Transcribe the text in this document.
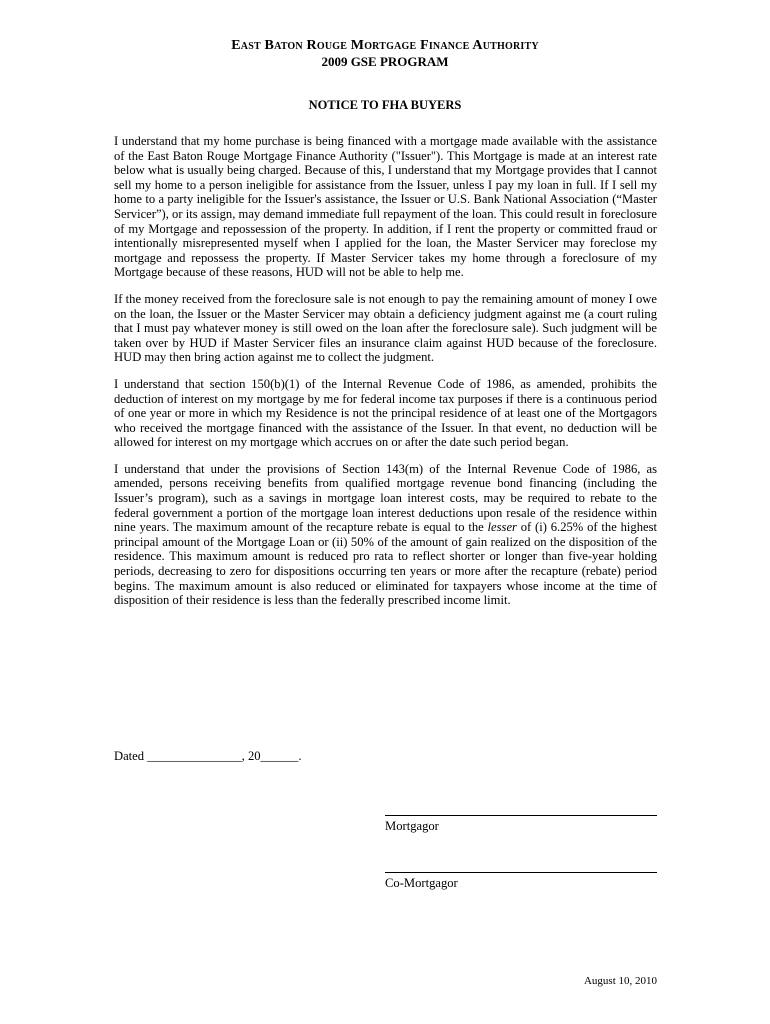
East Baton Rouge Mortgage Finance Authority

2009 GSE PROGRAM

NOTICE TO FHA BUYERS

I understand that my home purchase is being financed with a mortgage made available with the assistance of the East Baton Rouge Mortgage Finance Authority ("Issuer"). This Mortgage is made at an interest rate below what is usually being charged. Because of this, I understand that my Mortgage provides that I cannot sell my home to a person ineligible for assistance from the Issuer, unless I pay my loan in full. If I sell my home to a party ineligible for the Issuer's assistance, the Issuer or U.S. Bank National Association (“Master Servicer”), or its assign, may demand immediate full repayment of the loan. This could result in foreclosure of my Mortgage and repossession of the property. In addition, if I rent the property or committed fraud or intentionally misrepresented myself when I applied for the loan, the Master Servicer may foreclose my mortgage and repossess the property. If Master Servicer takes my home through a foreclosure of my Mortgage because of these reasons, HUD will not be able to help me.

If the money received from the foreclosure sale is not enough to pay the remaining amount of money I owe on the loan, the Issuer or the Master Servicer may obtain a deficiency judgment against me (a court ruling that I must pay whatever money is still owed on the loan after the foreclosure sale). Such judgment will be taken over by HUD if Master Servicer files an insurance claim against HUD because of the foreclosure. HUD may then bring action against me to collect the judgment.

I understand that section 150(b)(1) of the Internal Revenue Code of 1986, as amended, prohibits the deduction of interest on my mortgage by me for federal income tax purposes if there is a continuous period of one year or more in which my Residence is not the principal residence of at least one of the Mortgagors who received the mortgage financed with the assistance of the Issuer. In that event, no deduction will be allowed for interest on my mortgage which accrues on or after the date such period began.

I understand that under the provisions of Section 143(m) of the Internal Revenue Code of 1986, as amended, persons receiving benefits from qualified mortgage revenue bond financing (including the Issuer’s program), such as a savings in mortgage loan interest costs, may be required to rebate to the federal government a portion of the mortgage loan interest deductions upon resale of the residence within nine years. The maximum amount of the recapture rebate is equal to the lesser of (i) 6.25% of the highest principal amount of the Mortgage Loan or (ii) 50% of the amount of gain realized on the disposition of the residence. This maximum amount is reduced pro rata to reflect shorter or longer than five-year holding periods, decreasing to zero for dispositions occurring ten years or more after the recapture (rebate) period begins. The maximum amount is also reduced or eliminated for taxpayers whose income at the time of disposition of their residence is less than the federally prescribed income limit.

Dated _______________, 20______.
Mortgagor
Co-Mortgagor
August 10, 2010
